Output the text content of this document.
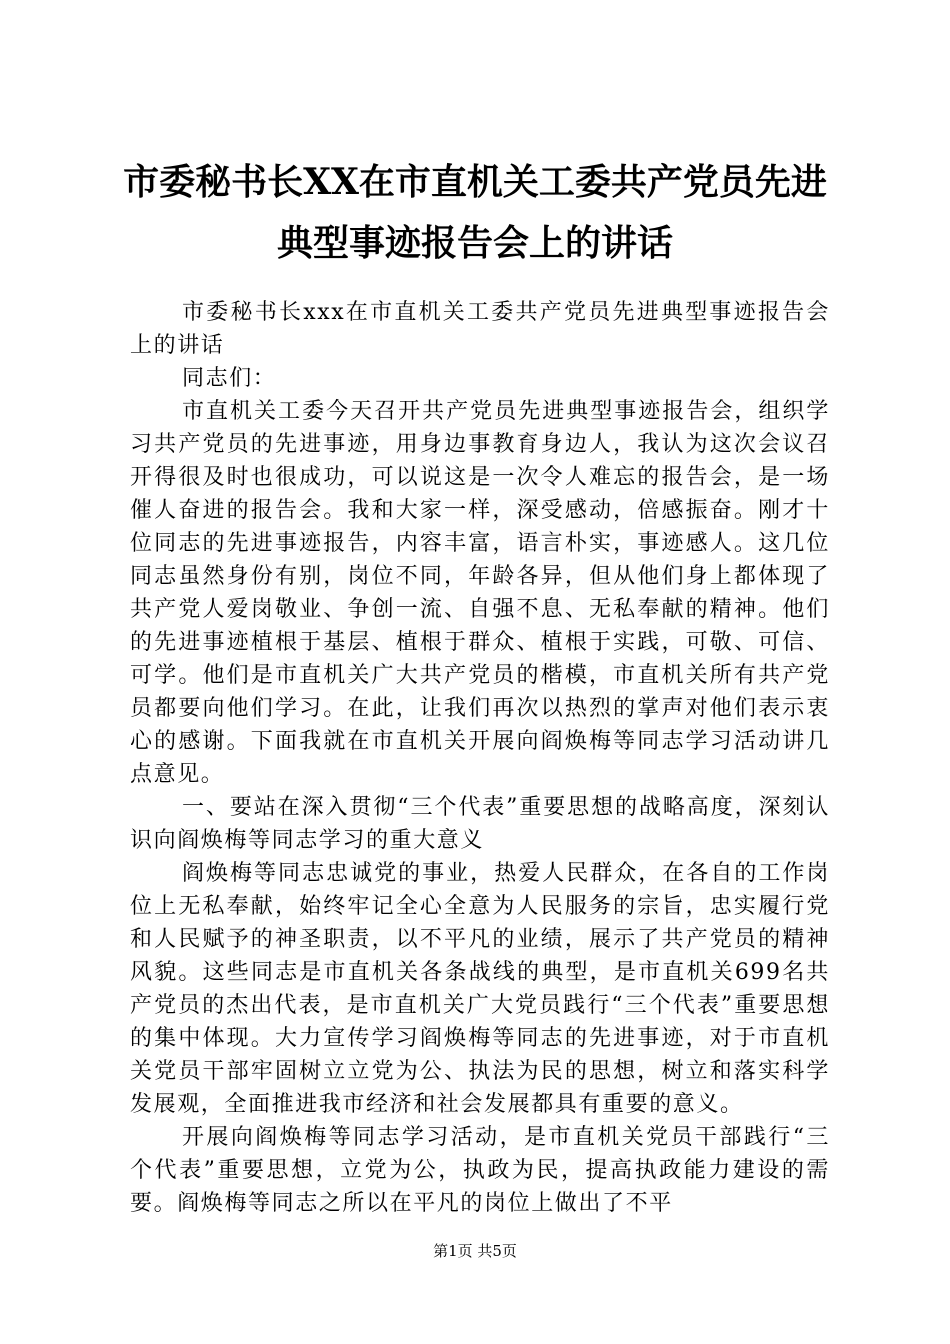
市委秘书长XX在市直机关工委共产党员先进
典型事迹报告会上的讲话

市委秘书长xxx在市直机关工委共产党员先进典型事迹报告会上的讲话

同志们：

市直机关工委今天召开共产党员先进典型事迹报告会，组织学习共产党员的先进事迹，用身边事教育身边人，我认为这次会议召开得很及时也很成功，可以说这是一次令人难忘的报告会，是一场催人奋进的报告会。我和大家一样，深受感动，倍感振奋。刚才十位同志的先进事迹报告，内容丰富，语言朴实，事迹感人。这几位同志虽然身份有别，岗位不同，年龄各异，但从他们身上都体现了共产党人爱岗敬业、争创一流、自强不息、无私奉献的精神。他们的先进事迹植根于基层、植根于群众、植根于实践，可敬、可信、可学。他们是市直机关广大共产党员的楷模，市直机关所有共产党员都要向他们学习。在此，让我们再次以热烈的掌声对他们表示衷心的感谢。下面我就在市直机关开展向阎焕梅等同志学习活动讲几点意见。

一、要站在深入贯彻“三个代表”重要思想的战略高度，深刻认识向阎焕梅等同志学习的重大意义

阎焕梅等同志忠诚党的事业，热爱人民群众，在各自的工作岗位上无私奉献，始终牢记全心全意为人民服务的宗旨，忠实履行党和人民赋予的神圣职责，以不平凡的业绩，展示了共产党员的精神风貌。这些同志是市直机关各条战线的典型，是市直机关699名共产党员的杰出代表，是市直机关广大党员践行“三个代表”重要思想的集中体现。大力宣传学习阎焕梅等同志的先进事迹，对于市直机关党员干部牢固树立立党为公、执法为民的思想，树立和落实科学发展观，全面推进我市经济和社会发展都具有重要的意义。

开展向阎焕梅等同志学习活动，是市直机关党员干部践行“三个代表”重要思想，立党为公，执政为民，提高执政能力建设的需要。阎焕梅等同志之所以在平凡的岗位上做出了不平

第1页 共5页
